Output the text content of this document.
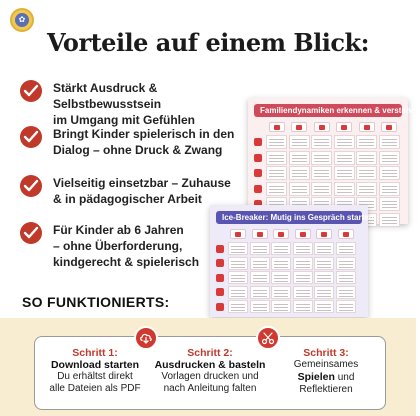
✿
Vorteile auf einem Blick:
Stärkt Ausdruck & Selbstbewusstsein
im Umgang mit Gefühlen
Bringt Kinder spielerisch in den
Dialog – ohne Druck & Zwang
Vielseitig einsetzbar – Zuhause
& in pädagogischer Arbeit
Für Kinder ab 6 Jahren
– ohne Überforderung,
kindgerecht & spielerisch
Familiendynamiken erkennen & verstehen
Ice-Breaker: Mutig ins Gespräch starten
SO FUNKTIONIERTS:
Schritt 1:
Download starten
Du erhältst direkt
alle Dateien als PDF
Schritt 2:
Ausdrucken & basteln
Vorlagen drucken und
nach Anleitung falten
Schritt 3:
Gemeinsames
Spielen und
Reflektieren
